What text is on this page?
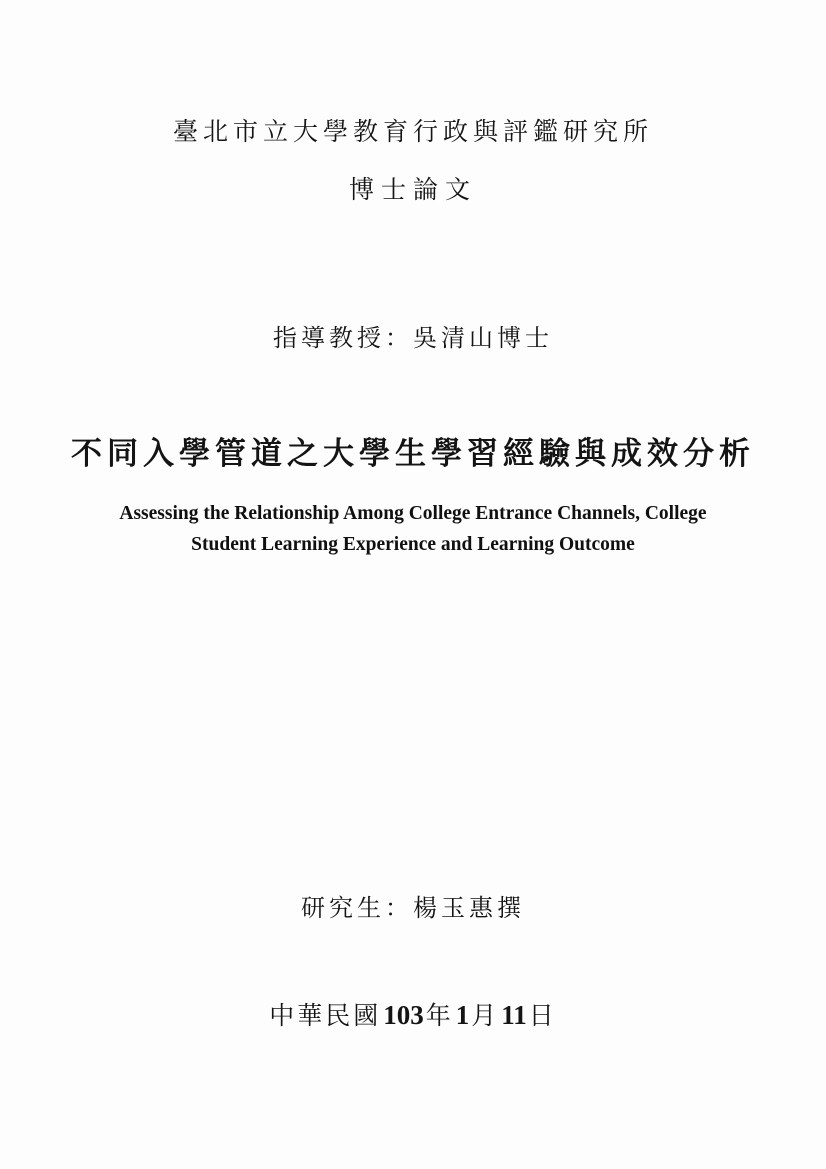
臺北市立大學教育行政與評鑑研究所
博士論文
指導教授：吳清山博士
不同入學管道之大學生學習經驗與成效分析
Assessing the Relationship Among College Entrance Channels, College
Student Learning Experience and Learning Outcome
研究生：楊玉惠撰
中華民國103年1月11日
